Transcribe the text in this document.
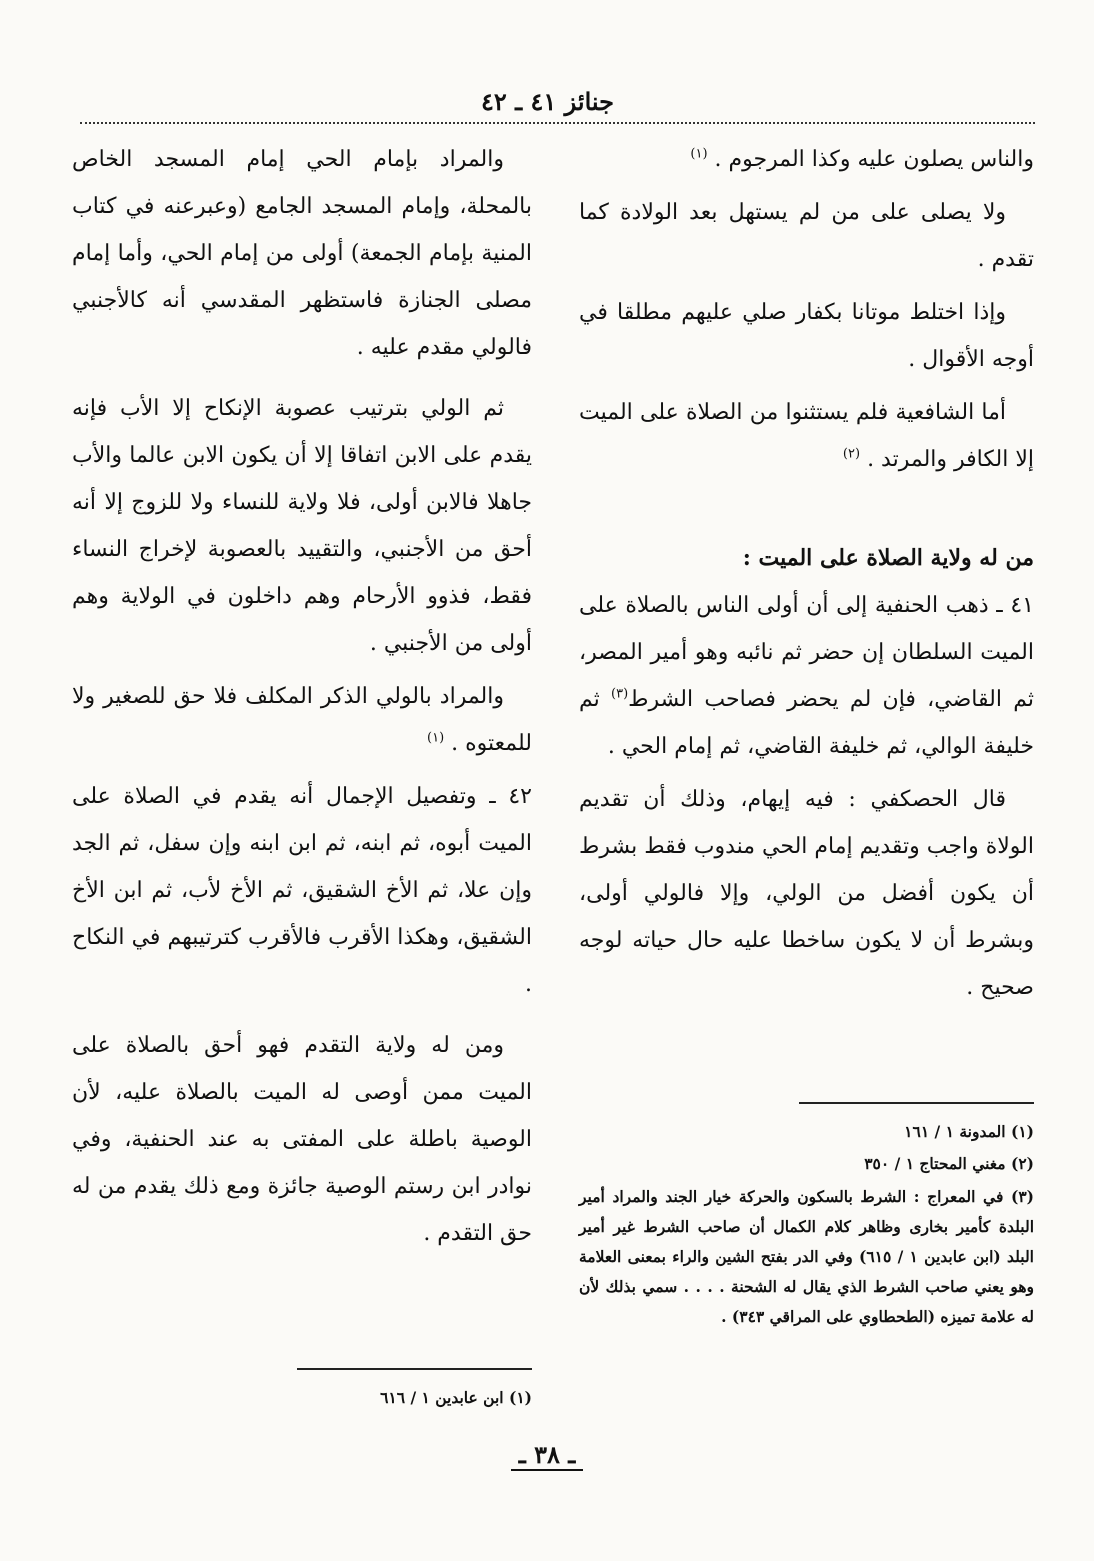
جنائز ٤١ ـ ٤٢

والناس يصلون عليه وكذا المرجوم . $^{(١)}$

ولا يصلى على من لم يستهل بعد الولادة كما تقدم .

وإذا اختلط موتانا بكفار صلي عليهم مطلقا في أوجه الأقوال .

أما الشافعية فلم يستثنوا من الصلاة على الميت إلا الكافر والمرتد . $^{(٢)}$

من له ولاية الصلاة على الميت :

٤١ ـ ذهب الحنفية إلى أن أولى الناس بالصلاة على الميت السلطان إن حضر ثم نائبه وهو أمير المصر، ثم القاضي، فإن لم يحضر فصاحب الشرط$^{(٣)}$ ثم خليفة الوالي، ثم خليفة القاضي، ثم إمام الحي .

قال الحصكفي : فيه إيهام، وذلك أن تقديم الولاة واجب وتقديم إمام الحي مندوب فقط بشرط أن يكون أفضل من الولي، وإلا فالولي أولى، وبشرط أن لا يكون ساخطا عليه حال حياته لوجه صحيح .

والمراد بإمام الحي إمام المسجد الخاص بالمحلة، وإمام المسجد الجامع (وعبرعنه في كتاب المنية بإمام الجمعة) أولى من إمام الحي، وأما إمام مصلى الجنازة فاستظهر المقدسي أنه كالأجنبي فالولي مقدم عليه .

ثم الولي بترتيب عصوبة الإنكاح إلا الأب فإنه يقدم على الابن اتفاقا إلا أن يكون الابن عالما والأب جاهلا فالابن أولى، فلا ولاية للنساء ولا للزوج إلا أنه أحق من الأجنبي، والتقييد بالعصوبة لإخراج النساء فقط، فذوو الأرحام وهم داخلون في الولاية وهم أولى من الأجنبي .

والمراد بالولي الذكر المكلف فلا حق للصغير ولا للمعتوه . $^{(١)}$

٤٢ ـ وتفصيل الإجمال أنه يقدم في الصلاة على الميت أبوه، ثم ابنه، ثم ابن ابنه وإن سفل، ثم الجد وإن علا، ثم الأخ الشقيق، ثم الأخ لأب، ثم ابن الأخ الشقيق، وهكذا الأقرب فالأقرب كترتيبهم في النكاح .

ومن له ولاية التقدم فهو أحق بالصلاة على الميت ممن أوصى له الميت بالصلاة عليه، لأن الوصية باطلة على المفتى به عند الحنفية، وفي نوادر ابن رستم الوصية جائزة ومع ذلك يقدم من له حق التقدم .

(١) المدونة ١ / ١٦١

(٢) مغني المحتاج ١ / ٣٥٠

(٣) في المعراج : الشرط بالسكون والحركة خيار الجند والمراد أمير البلدة كأمير بخارى وظاهر كلام الكمال أن صاحب الشرط غير أمير البلد (ابن عابدين ١ / ٦١٥) وفي الدر بفتح الشين والراء بمعنى العلامة وهو يعني صاحب الشرط الذي يقال له الشحنة . . . . سمي بذلك لأن له علامة تميزه (الطحطاوي على المراقي ٣٤٣) .

(١) ابن عابدين ١ / ٦١٦

ـ ٣٨ ـ
